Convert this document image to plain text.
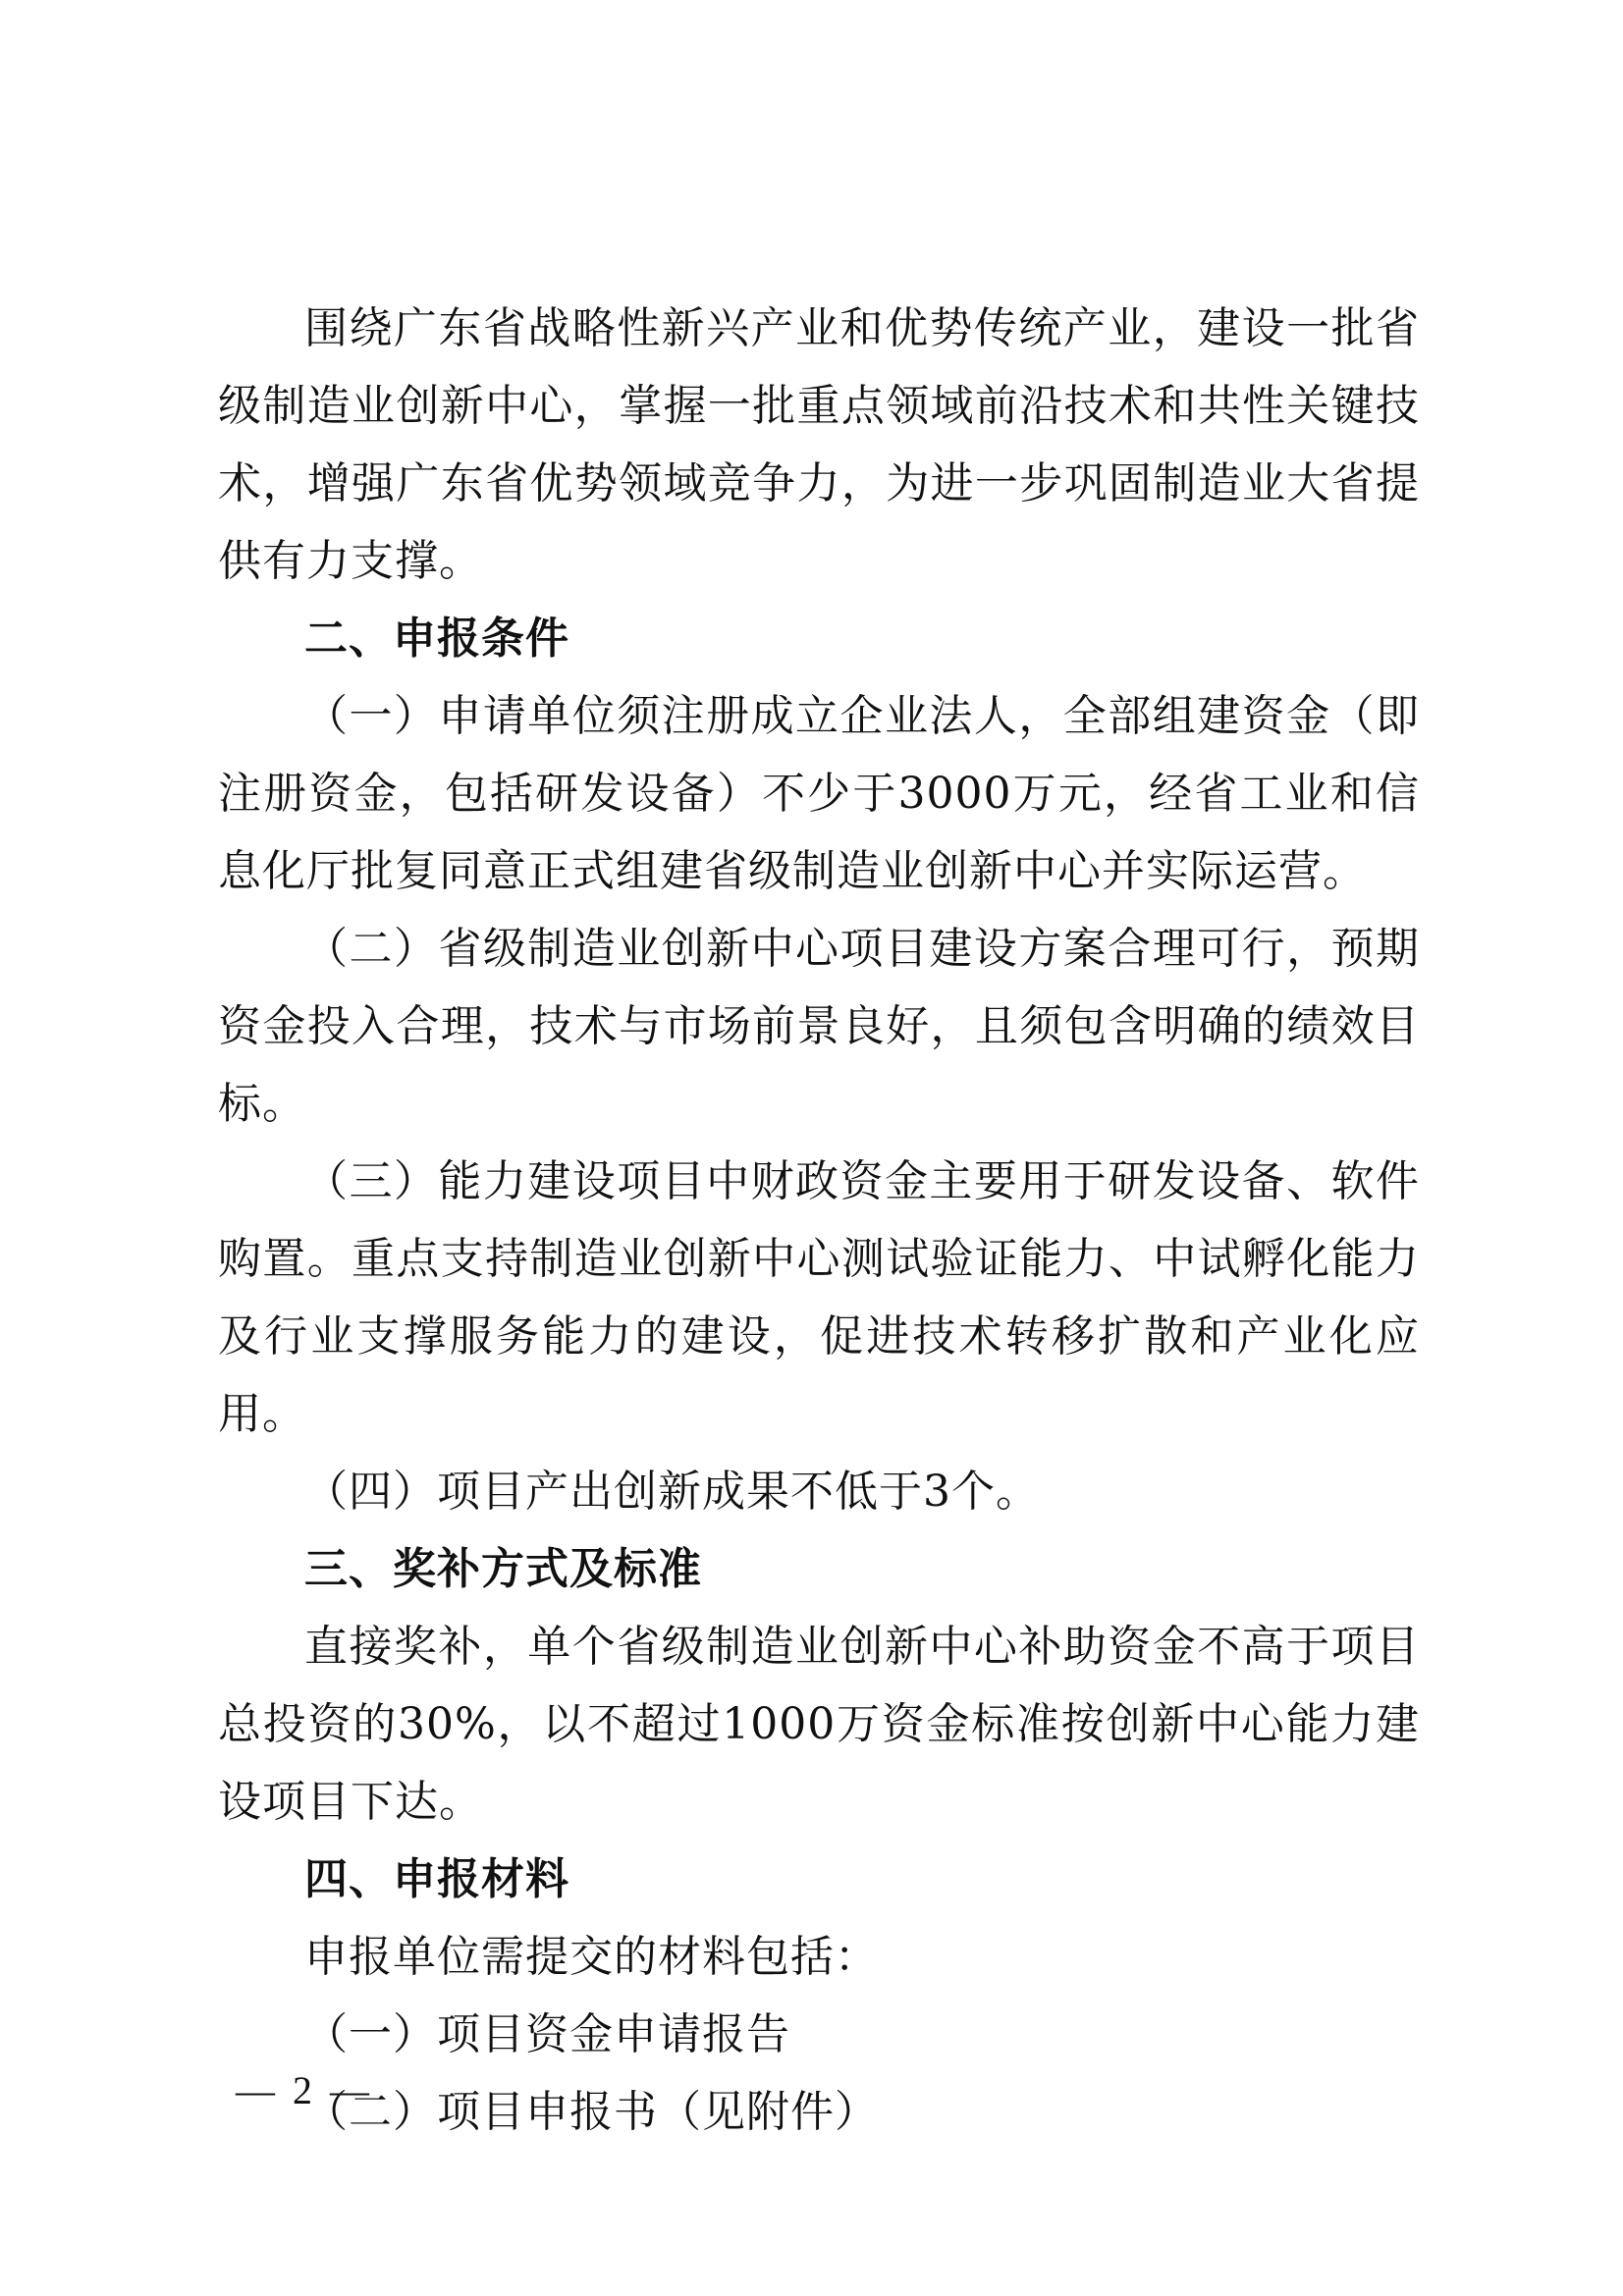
围绕广东省战略性新兴产业和优势传统产业，建设一批省级制造业创新中心，掌握一批重点领域前沿技术和共性关键技术，增强广东省优势领域竞争力，为进一步巩固制造业大省提供有力支撑。

二、申报条件

（一）申请单位须注册成立企业法人，全部组建资金（即注册资金，包括研发设备）不少于3000万元，经省工业和信息化厅批复同意正式组建省级制造业创新中心并实际运营。

（二）省级制造业创新中心项目建设方案合理可行，预期资金投入合理，技术与市场前景良好，且须包含明确的绩效目标。

（三）能力建设项目中财政资金主要用于研发设备、软件购置。重点支持制造业创新中心测试验证能力、中试孵化能力及行业支撑服务能力的建设，促进技术转移扩散和产业化应用。

（四）项目产出创新成果不低于3个。

三、奖补方式及标准

直接奖补，单个省级制造业创新中心补助资金不高于项目总投资的30%，以不超过1000万资金标准按创新中心能力建设项目下达。

四、申报材料

申报单位需提交的材料包括：

（一）项目资金申请报告

（二）项目申报书（见附件）

— 2 —
